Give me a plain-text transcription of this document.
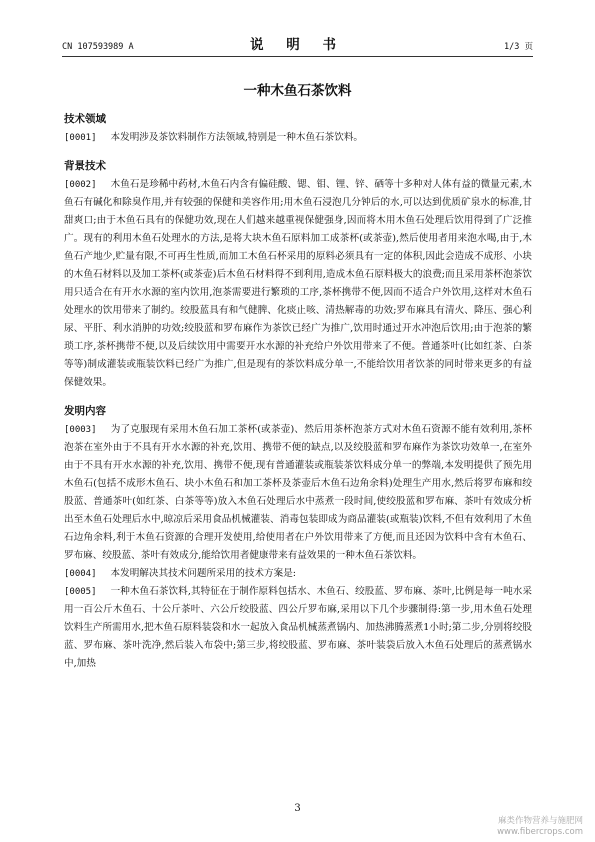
CN 107593989 A	说 明 书	1/3 页
一种木鱼石茶饮料
技术领域

[0001] 本发明涉及茶饮料制作方法领域,特别是一种木鱼石茶饮料。

背景技术

[0002] 木鱼石是珍稀中药材,木鱼石内含有偏硅酸、锶、钼、锂、锌、硒等十多种对人体有益的微量元素,木鱼石有碱化和除臭作用,并有较强的保健和美容作用;用木鱼石浸泡几分钟后的水,可以达到优质矿泉水的标准,甘甜爽口;由于木鱼石具有的保健功效,现在人们越来越重视保健强身,因而将木用木鱼石处理后饮用得到了广泛推广。现有的利用木鱼石处理水的方法,是将大块木鱼石原料加工成茶杯(或茶壶),然后使用者用来泡水喝,由于,木鱼石产地少,贮量有限,不可再生性质,而加工木鱼石杯采用的原料必须具有一定的体积,因此会造成不成形、小块的木鱼石材料以及加工茶杯(或茶壶)后木鱼石材料得不到利用,造成木鱼石原料极大的浪费;而且采用茶杯泡茶饮用只适合在有开水水源的室内饮用,泡茶需要进行繁琐的工序,茶杯携带不便,因而不适合户外饮用,这样对木鱼石处理水的饮用带来了制约。绞股蓝具有和气健脾、化痰止咳、清热解毒的功效;罗布麻具有清火、降压、强心利尿、平肝、利水消肿的功效;绞股蓝和罗布麻作为茶饮已经广为推广,饮用时通过开水冲泡后饮用;由于泡茶的繁琐工序,茶杯携带不便,以及后续饮用中需要开水水源的补充给户外饮用带来了不便。普通茶叶(比如红茶、白茶等等)制成灌装或瓶装饮料已经广为推广,但是现有的茶饮料成分单一,不能给饮用者饮茶的同时带来更多的有益保健效果。

发明内容

[0003] 为了克服现有采用木鱼石加工茶杯(或茶壶)、然后用茶杯泡茶方式对木鱼石资源不能有效利用,茶杯泡茶在室外由于不具有开水水源的补充,饮用、携带不便的缺点,以及绞股蓝和罗布麻作为茶饮功效单一,在室外由于不具有开水水源的补充,饮用、携带不便,现有普通灌装或瓶装茶饮料成分单一的弊端,本发明提供了预先用木鱼石(包括不成形木鱼石、块小木鱼石和加工茶杯及茶壶后木鱼石边角余料)处理生产用水,然后将罗布麻和绞股蓝、普通茶叶(如红茶、白茶等等)放入木鱼石处理后水中蒸煮一段时间,使绞股蓝和罗布麻、茶叶有效成分析出至木鱼石处理后水中,晾凉后采用食品机械灌装、消毒包装即成为商品灌装(或瓶装)饮料,不但有效利用了木鱼石边角余料,利于木鱼石资源的合理开发使用,给使用者在户外饮用带来了方便,而且还因为饮料中含有木鱼石、罗布麻、绞股蓝、茶叶有效成分,能给饮用者健康带来有益效果的一种木鱼石茶饮料。

[0004] 本发明解决其技术问题所采用的技术方案是:

[0005] 一种木鱼石茶饮料,其特征在于制作原料包括水、木鱼石、绞股蓝、罗布麻、茶叶,比例是每一吨水采用一百公斤木鱼石、十公斤茶叶、六公斤绞股蓝、四公斤罗布麻,采用以下几个步骤制得:第一步,用木鱼石处理饮料生产所需用水,把木鱼石原料装袋和水一起放入食品机械蒸煮锅内、加热沸腾蒸煮1小时;第二步,分别将绞股蓝、罗布麻、茶叶洗净,然后装入布袋中;第三步,将绞股蓝、罗布麻、茶叶装袋后放入木鱼石处理后的蒸煮锅水中,加热

3
麻类作物营养与施肥网
www.fibercrops.com
